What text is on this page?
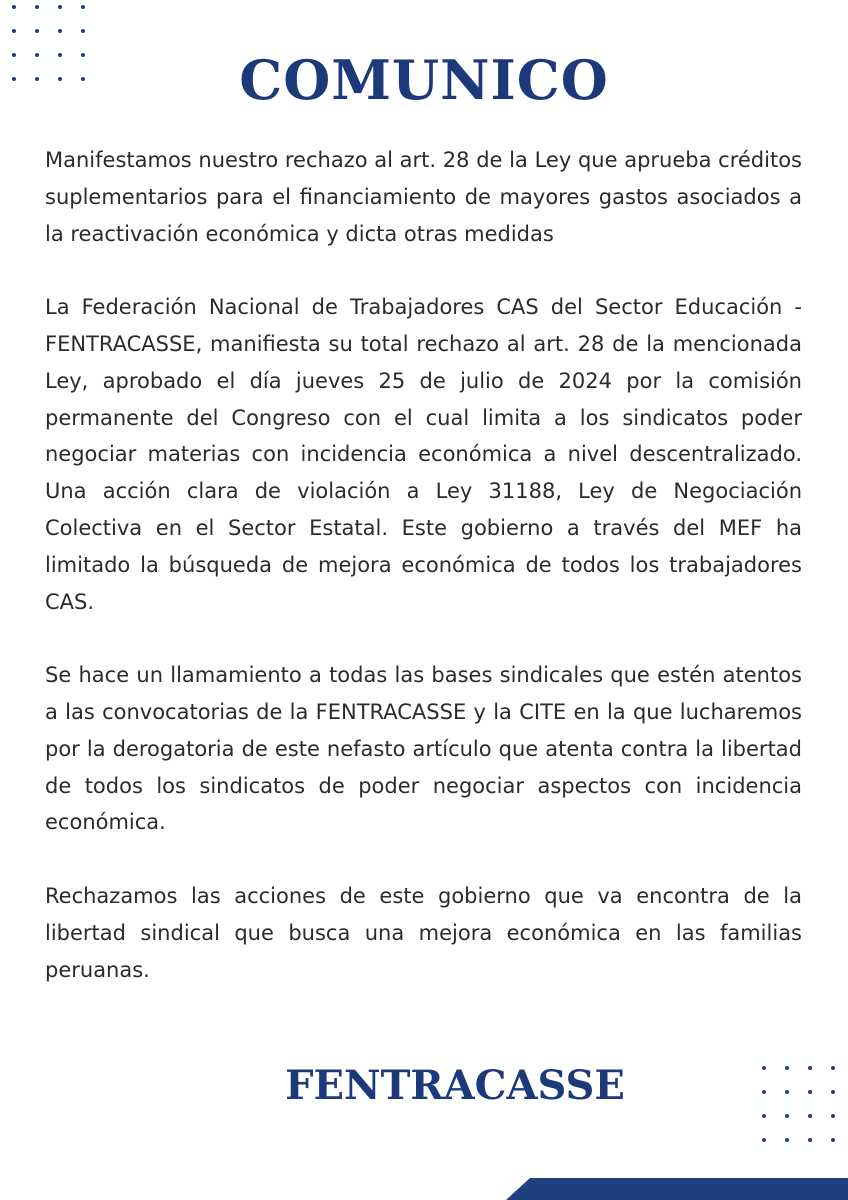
COMUNICO

Manifestamos nuestro rechazo al art. 28 de la Ley que aprueba créditos suplementarios para el financiamiento de mayores gastos asociados a la reactivación económica y dicta otras medidas

La Federación Nacional de Trabajadores CAS del Sector Educación -FENTRACASSE, manifiesta su total rechazo al art. 28 de la mencionada Ley, aprobado el día jueves 25 de julio de 2024 por la comisión permanente del Congreso con el cual limita a los sindicatos poder negociar materias con incidencia económica a nivel descentralizado. Una acción clara de violación a Ley 31188, Ley de Negociación Colectiva en el Sector Estatal. Este gobierno a través del MEF ha limitado la búsqueda de mejora económica de todos los trabajadores CAS.

Se hace un llamamiento a todas las bases sindicales que estén atentos a las convocatorias de la FENTRACASSE y la CITE en la que lucharemos por la derogatoria de este nefasto artículo que atenta contra la libertad de todos los sindicatos de poder negociar aspectos con incidencia económica.

Rechazamos las acciones de este gobierno que va encontra de la libertad sindical que busca una mejora económica en las familias peruanas.

FENTRACASSE
